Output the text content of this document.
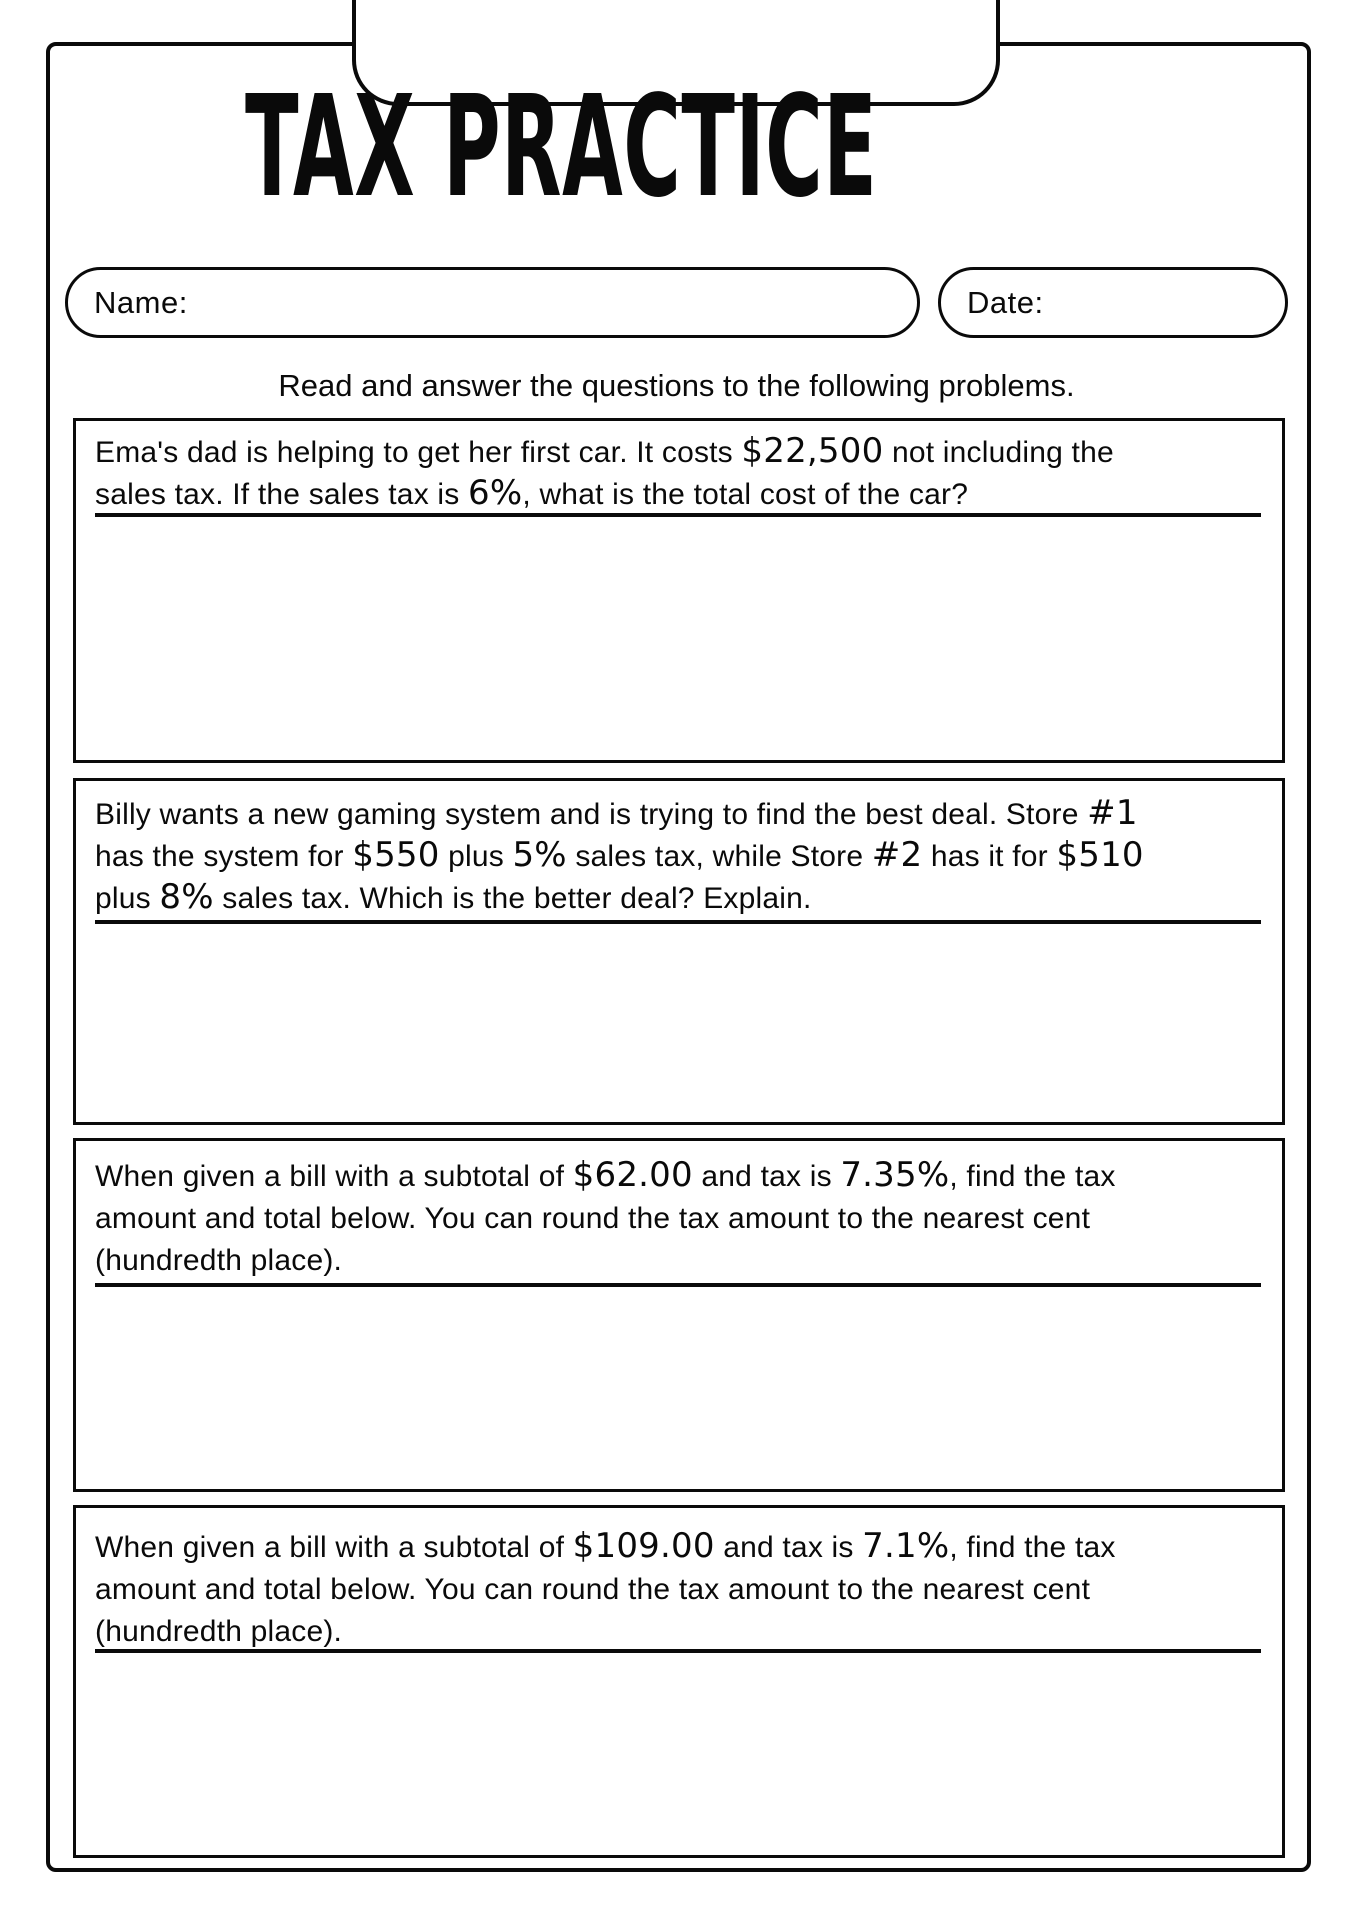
TAX PRACTICE
Name:	Date:

Read and answer the questions to the following problems.

Ema's dad is helping to get her first car. It costs $22,500 not including the
sales tax. If the sales tax is 6%, what is the total cost of the car?

Billy wants a new gaming system and is trying to find the best deal. Store #1
has the system for $550 plus 5% sales tax, while Store #2 has it for $510
plus 8% sales tax. Which is the better deal? Explain.

When given a bill with a subtotal of $62.00 and tax is 7.35%, find the tax
amount and total below. You can round the tax amount to the nearest cent
(hundredth place).

When given a bill with a subtotal of $109.00 and tax is 7.1%, find the tax
amount and total below. You can round the tax amount to the nearest cent
(hundredth place).
